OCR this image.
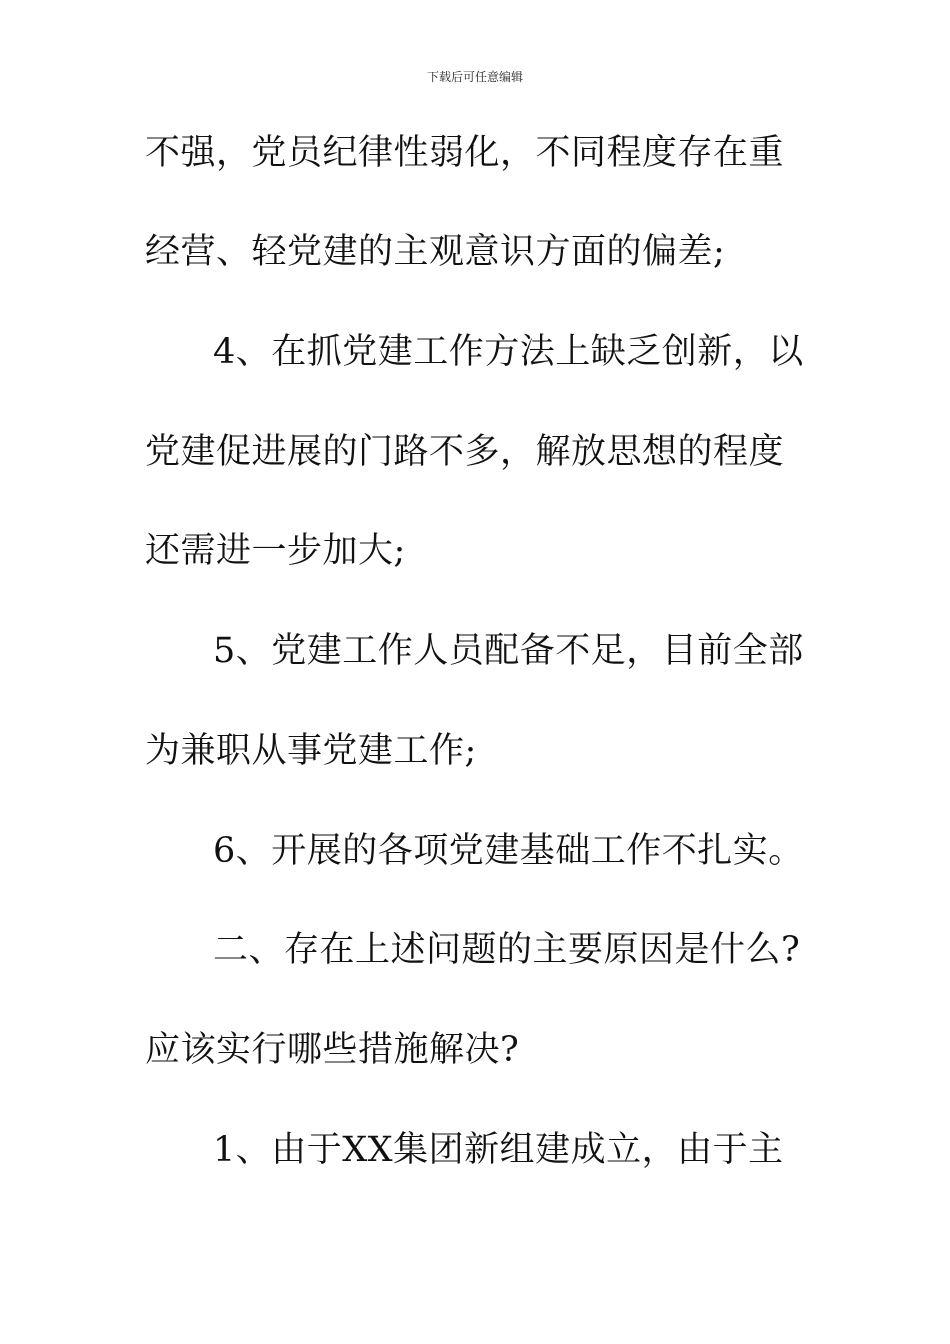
下载后可任意编辑
不强，党员纪律性弱化，不同程度存在重
经营、轻党建的主观意识方面的偏差;
4、在抓党建工作方法上缺乏创新，以
党建促进展的门路不多，解放思想的程度
还需进一步加大;
5、党建工作人员配备不足，目前全部
为兼职从事党建工作;
6、开展的各项党建基础工作不扎实。
二、存在上述问题的主要原因是什么?
应该实行哪些措施解决?
1、由于XX集团新组建成立，由于主
